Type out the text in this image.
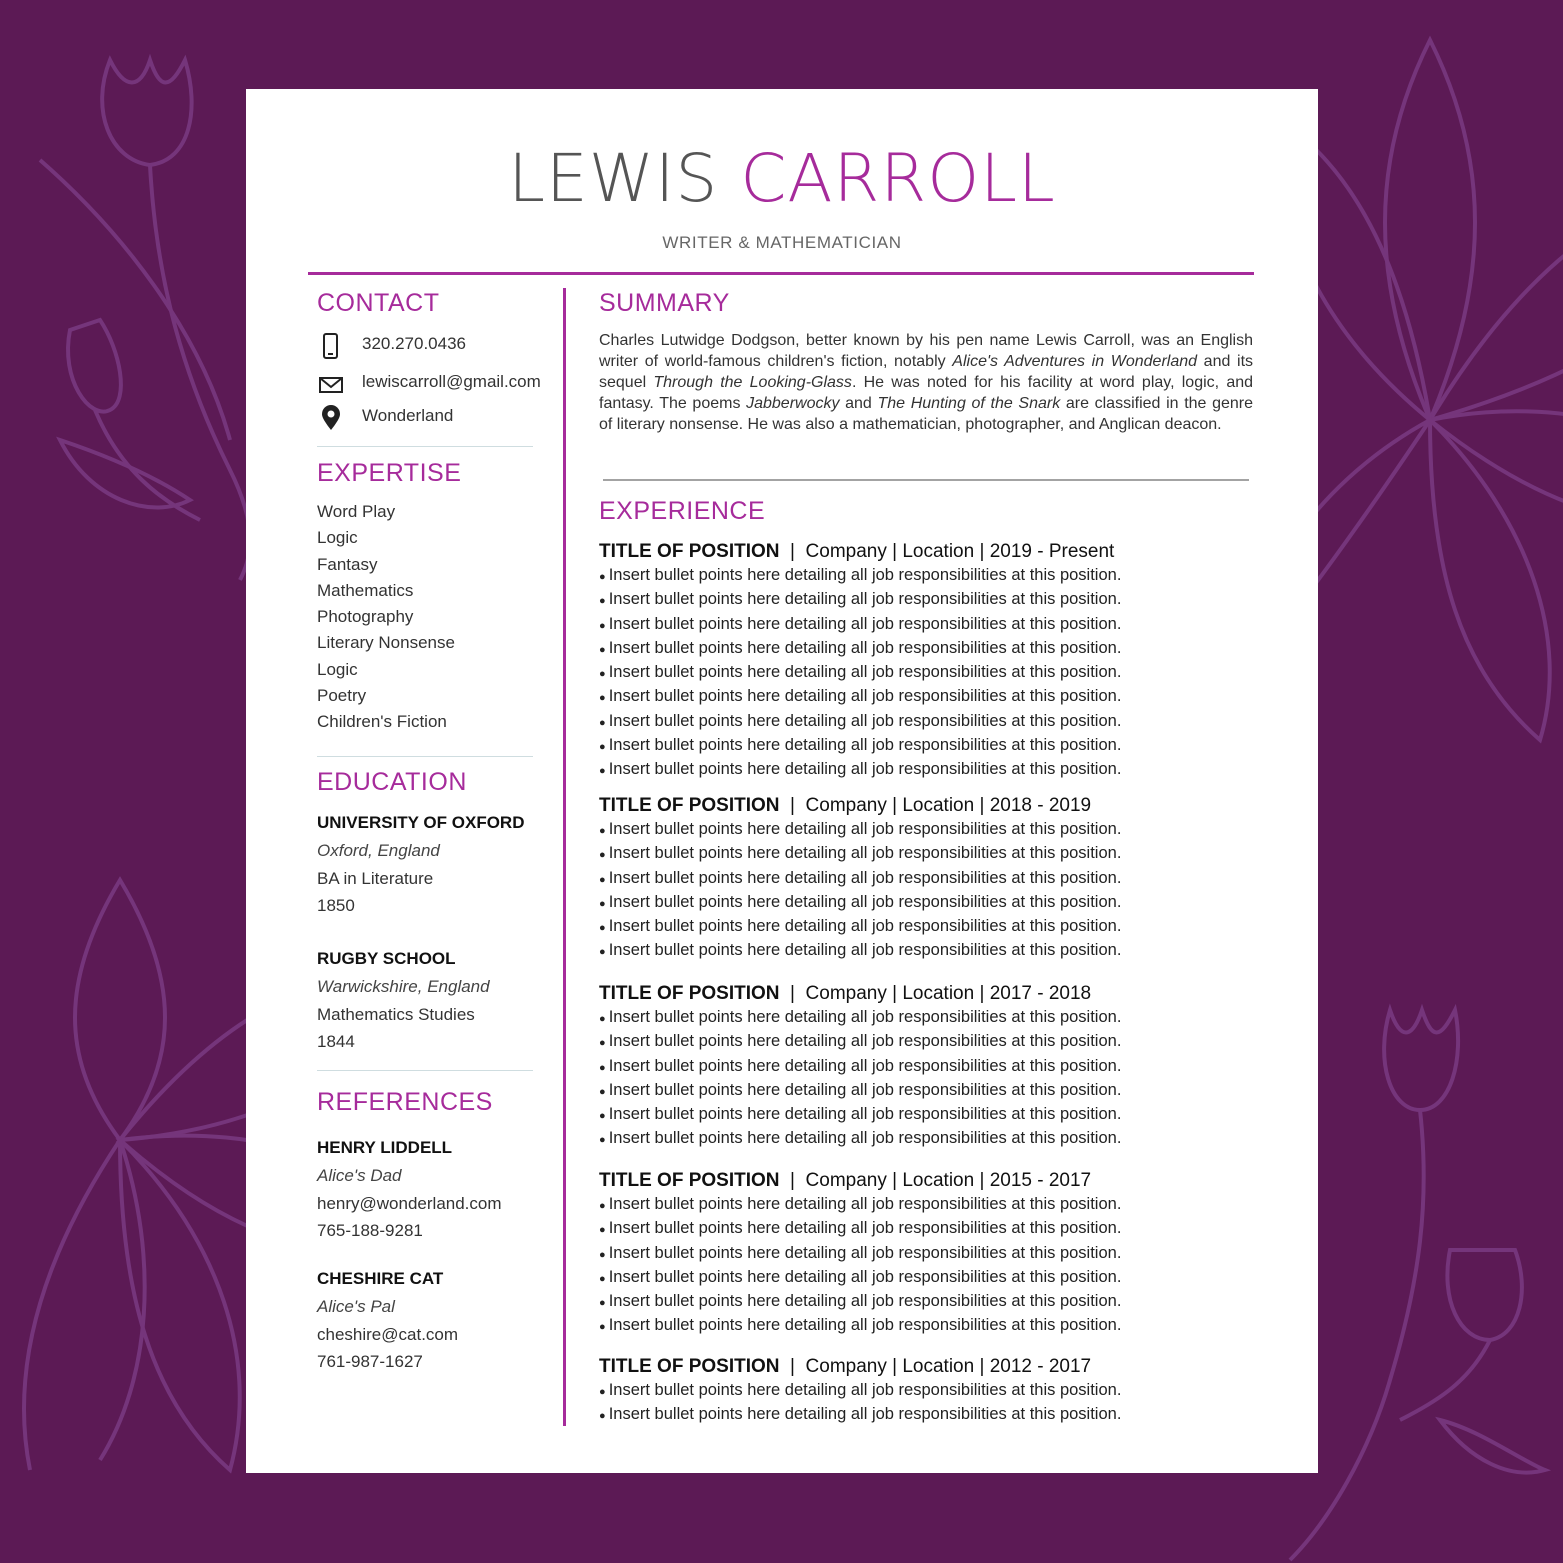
LEWIS CARROLL
WRITER & MATHEMATICIAN
CONTACT
320.270.0436
lewiscarroll@gmail.com
Wonderland
EXPERTISE
Word Play
Logic
Fantasy
Mathematics
Photography
Literary Nonsense
Logic
Poetry
Children's Fiction
EDUCATION
UNIVERSITY OF OXFORD
Oxford, England
BA in Literature
1850
RUGBY SCHOOL
Warwickshire, England
Mathematics Studies
1844
REFERENCES
HENRY LIDDELL
Alice's Dad
henry@wonderland.com
765-188-9281
CHESHIRE CAT
Alice's Pal
cheshire@cat.com
761-987-1627
SUMMARY
Charles Lutwidge Dodgson, better known by his pen name Lewis Carroll, was an English writer of world-famous children's fiction, notably Alice's Adventures in Wonderland and its sequel Through the Looking-Glass. He was noted for his facility at word play, logic, and fantasy. The poems Jabberwocky and The Hunting of the Snark are classified in the genre of literary nonsense. He was also a mathematician, photographer, and Anglican deacon.
EXPERIENCE
TITLE OF POSITION  |  Company | Location | 2019 - Present
● Insert bullet points here detailing all job responsibilities at this position.
● Insert bullet points here detailing all job responsibilities at this position.
● Insert bullet points here detailing all job responsibilities at this position.
● Insert bullet points here detailing all job responsibilities at this position.
● Insert bullet points here detailing all job responsibilities at this position.
● Insert bullet points here detailing all job responsibilities at this position.
● Insert bullet points here detailing all job responsibilities at this position.
● Insert bullet points here detailing all job responsibilities at this position.
● Insert bullet points here detailing all job responsibilities at this position.
TITLE OF POSITION  |  Company | Location | 2018 - 2019
● Insert bullet points here detailing all job responsibilities at this position.
● Insert bullet points here detailing all job responsibilities at this position.
● Insert bullet points here detailing all job responsibilities at this position.
● Insert bullet points here detailing all job responsibilities at this position.
● Insert bullet points here detailing all job responsibilities at this position.
● Insert bullet points here detailing all job responsibilities at this position.
TITLE OF POSITION  |  Company | Location | 2017 - 2018
● Insert bullet points here detailing all job responsibilities at this position.
● Insert bullet points here detailing all job responsibilities at this position.
● Insert bullet points here detailing all job responsibilities at this position.
● Insert bullet points here detailing all job responsibilities at this position.
● Insert bullet points here detailing all job responsibilities at this position.
● Insert bullet points here detailing all job responsibilities at this position.
TITLE OF POSITION  |  Company | Location | 2015 - 2017
● Insert bullet points here detailing all job responsibilities at this position.
● Insert bullet points here detailing all job responsibilities at this position.
● Insert bullet points here detailing all job responsibilities at this position.
● Insert bullet points here detailing all job responsibilities at this position.
● Insert bullet points here detailing all job responsibilities at this position.
● Insert bullet points here detailing all job responsibilities at this position.
TITLE OF POSITION  |  Company | Location | 2012 - 2017
● Insert bullet points here detailing all job responsibilities at this position.
● Insert bullet points here detailing all job responsibilities at this position.
